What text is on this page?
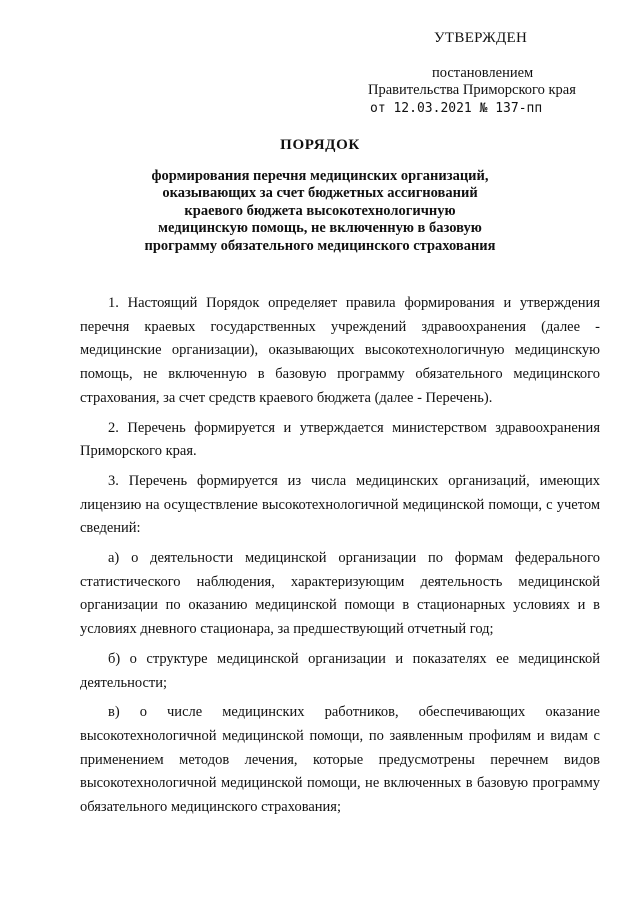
УТВЕРЖДЕН
постановлением
Правительства Приморского края
от 12.03.2021 № 137-пп
ПОРЯДОК
формирования перечня медицинских организаций,
оказывающих за счет бюджетных ассигнований
краевого бюджета высокотехнологичную
медицинскую помощь, не включенную в базовую
программу обязательного медицинского страхования

1. Настоящий Порядок определяет правила формирования и утверждения перечня краевых государственных учреждений здравоохранения (далее - медицинские организации), оказывающих высокотехнологичную медицинскую помощь, не включенную в базовую программу обязательного медицинского страхования, за счет средств краевого бюджета (далее - Перечень).

2. Перечень формируется и утверждается министерством здравоохранения Приморского края.

3. Перечень формируется из числа медицинских организаций, имеющих лицензию на осуществление высокотехнологичной медицинской помощи, с учетом сведений:

а) о деятельности медицинской организации по формам федерального статистического наблюдения, характеризующим деятельность медицинской организации по оказанию медицинской помощи в стационарных условиях и в условиях дневного стационара, за предшествующий отчетный год;

б) о структуре медицинской организации и показателях ее медицинской деятельности;

в) о числе медицинских работников, обеспечивающих оказание высокотехнологичной медицинской помощи, по заявленным профилям и видам с применением методов лечения, которые предусмотрены перечнем видов высокотехнологичной медицинской помощи, не включенных в базовую программу обязательного медицинского страхования;
